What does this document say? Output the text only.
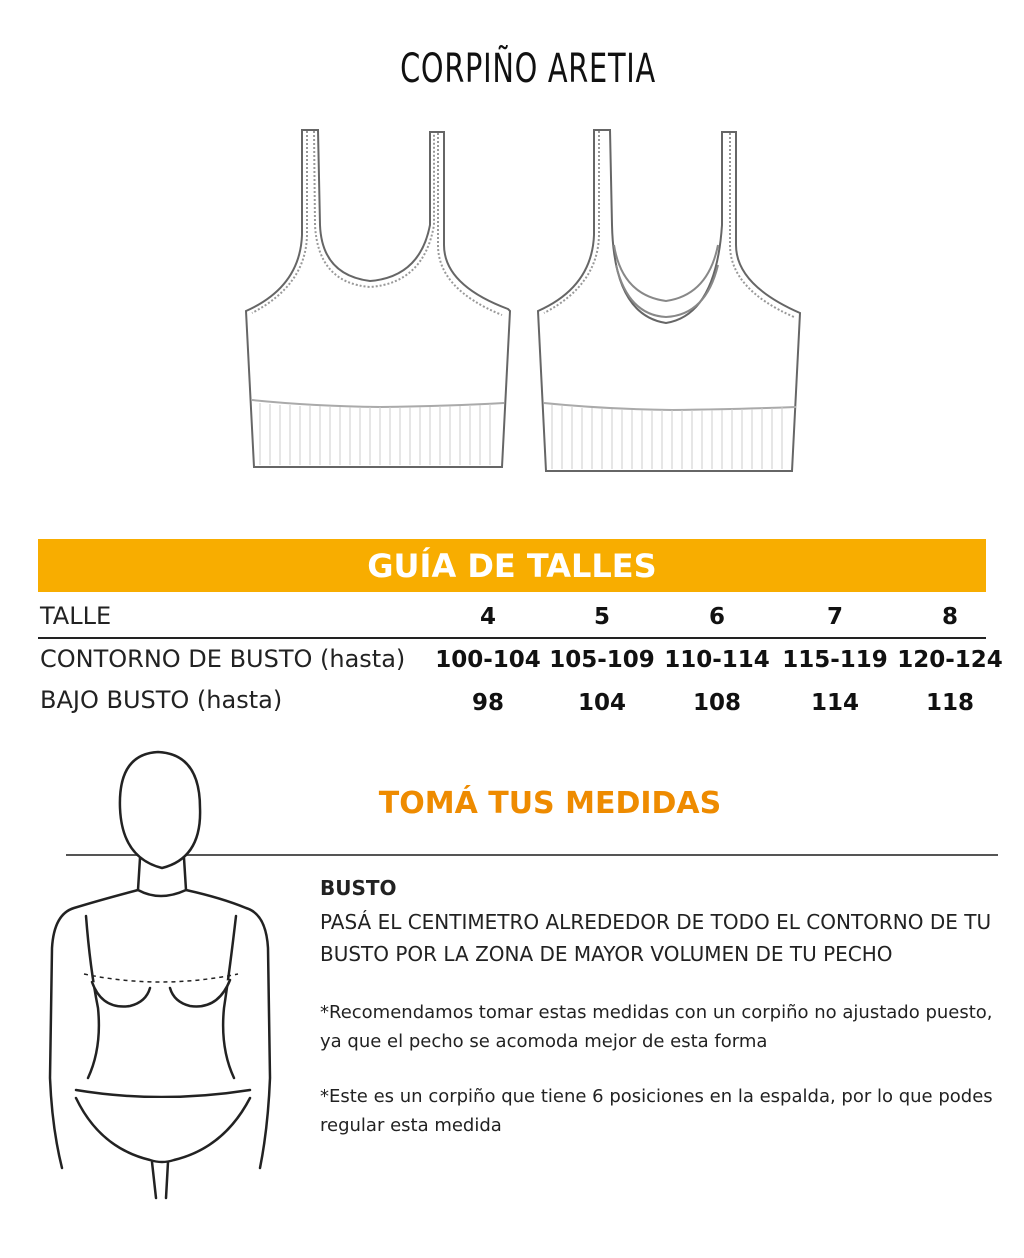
CORPIÑO ARETIA
GUÍA DE TALLES
TALLE	4	5	6	7	8
CONTORNO DE BUSTO (hasta)	100-104 105-109 110-114 115-119 120-124
BAJO BUSTO (hasta)	98	104	108	114	118
TOMÁ TUS MEDIDAS
BUSTO
PASÁ EL CENTIMETRO ALREDEDOR DE TODO EL CONTORNO DE TU BUSTO POR LA ZONA DE MAYOR VOLUMEN DE TU PECHO
*Recomendamos tomar estas medidas con un corpiño no ajustado puesto, ya que el pecho se acomoda mejor de esta forma
*Este es un corpiño que tiene 6 posiciones en la espalda, por lo que podes regular esta medida
